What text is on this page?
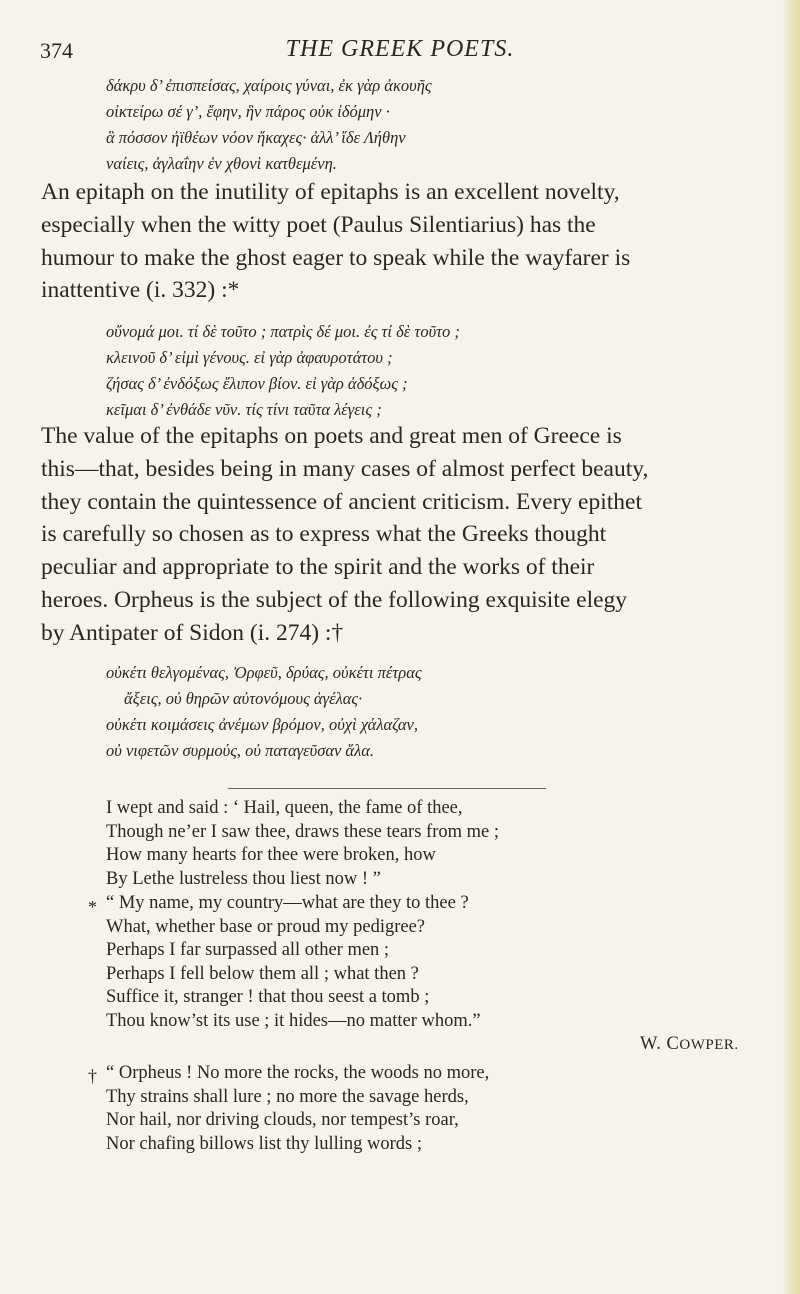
374	THE GREEK POETS.
δάκρυ δ’ ἐπισπείσας, χαίροις γύναι, ἐκ γὰρ ἀκουῆς
οἰκτείρω σέ γ’, ἔφην, ἣν πάρος οὐκ ἰδόμην ·
ἃ πόσσον ἠϊθέων νόον ἤκαχες· ἀλλ’ ἴδε Λήθην
ναίεις, ἀγλαΐην ἐν χθονὶ κατθεμένη.
An epitaph on the inutility of epitaphs is an excellent novelty,
especially when the witty poet (Paulus Silentiarius) has the
humour to make the ghost eager to speak while the wayfarer is
inattentive (i. 332) :*
οὔνομά μοι. τί δὲ τοῦτο ; πατρὶς δέ μοι. ἐς τί δὲ τοῦτο ;
κλεινοῦ δ’ εἰμὶ γένους. εἰ γὰρ ἀφαυροτάτου ;
ζήσας δ’ ἐνδόξως ἔλιπον βίον. εἰ γὰρ ἀδόξως ;
κεῖμαι δ’ ἐνθάδε νῦν. τίς τίνι ταῦτα λέγεις ;
The value of the epitaphs on poets and great men of Greece is
this—that, besides being in many cases of almost perfect beauty,
they contain the quintessence of ancient criticism. Every epithet
is carefully so chosen as to express what the Greeks thought
peculiar and appropriate to the spirit and the works of their
heroes. Orpheus is the subject of the following exquisite elegy
by Antipater of Sidon (i. 274) :†
οὐκέτι θελγομένας, Ὀρφεῦ, δρύας, οὐκέτι πέτρας
ἄξεις, οὐ θηρῶν αὐτονόμους ἀγέλας·
οὐκέτι κοιμάσεις ἀνέμων βρόμον, οὐχὶ χάλαζαν,
οὐ νιφετῶν συρμούς, οὐ παταγεῦσαν ἅλα.
I wept and said : ‘ Hail, queen, the fame of thee,
Though ne’er I saw thee, draws these tears from me ;
How many hearts for thee were broken, how
By Lethe lustreless thou liest now ! ”
* “ My name, my country—what are they to thee ?
What, whether base or proud my pedigree?
Perhaps I far surpassed all other men ;
Perhaps I fell below them all ; what then ?
Suffice it, stranger ! that thou seest a tomb ;
Thou know’st its use ; it hides—no matter whom.”
W. COWPER.
† “ Orpheus ! No more the rocks, the woods no more,
Thy strains shall lure ; no more the savage herds,
Nor hail, nor driving clouds, nor tempest’s roar,
Nor chafing billows list thy lulling words ;
